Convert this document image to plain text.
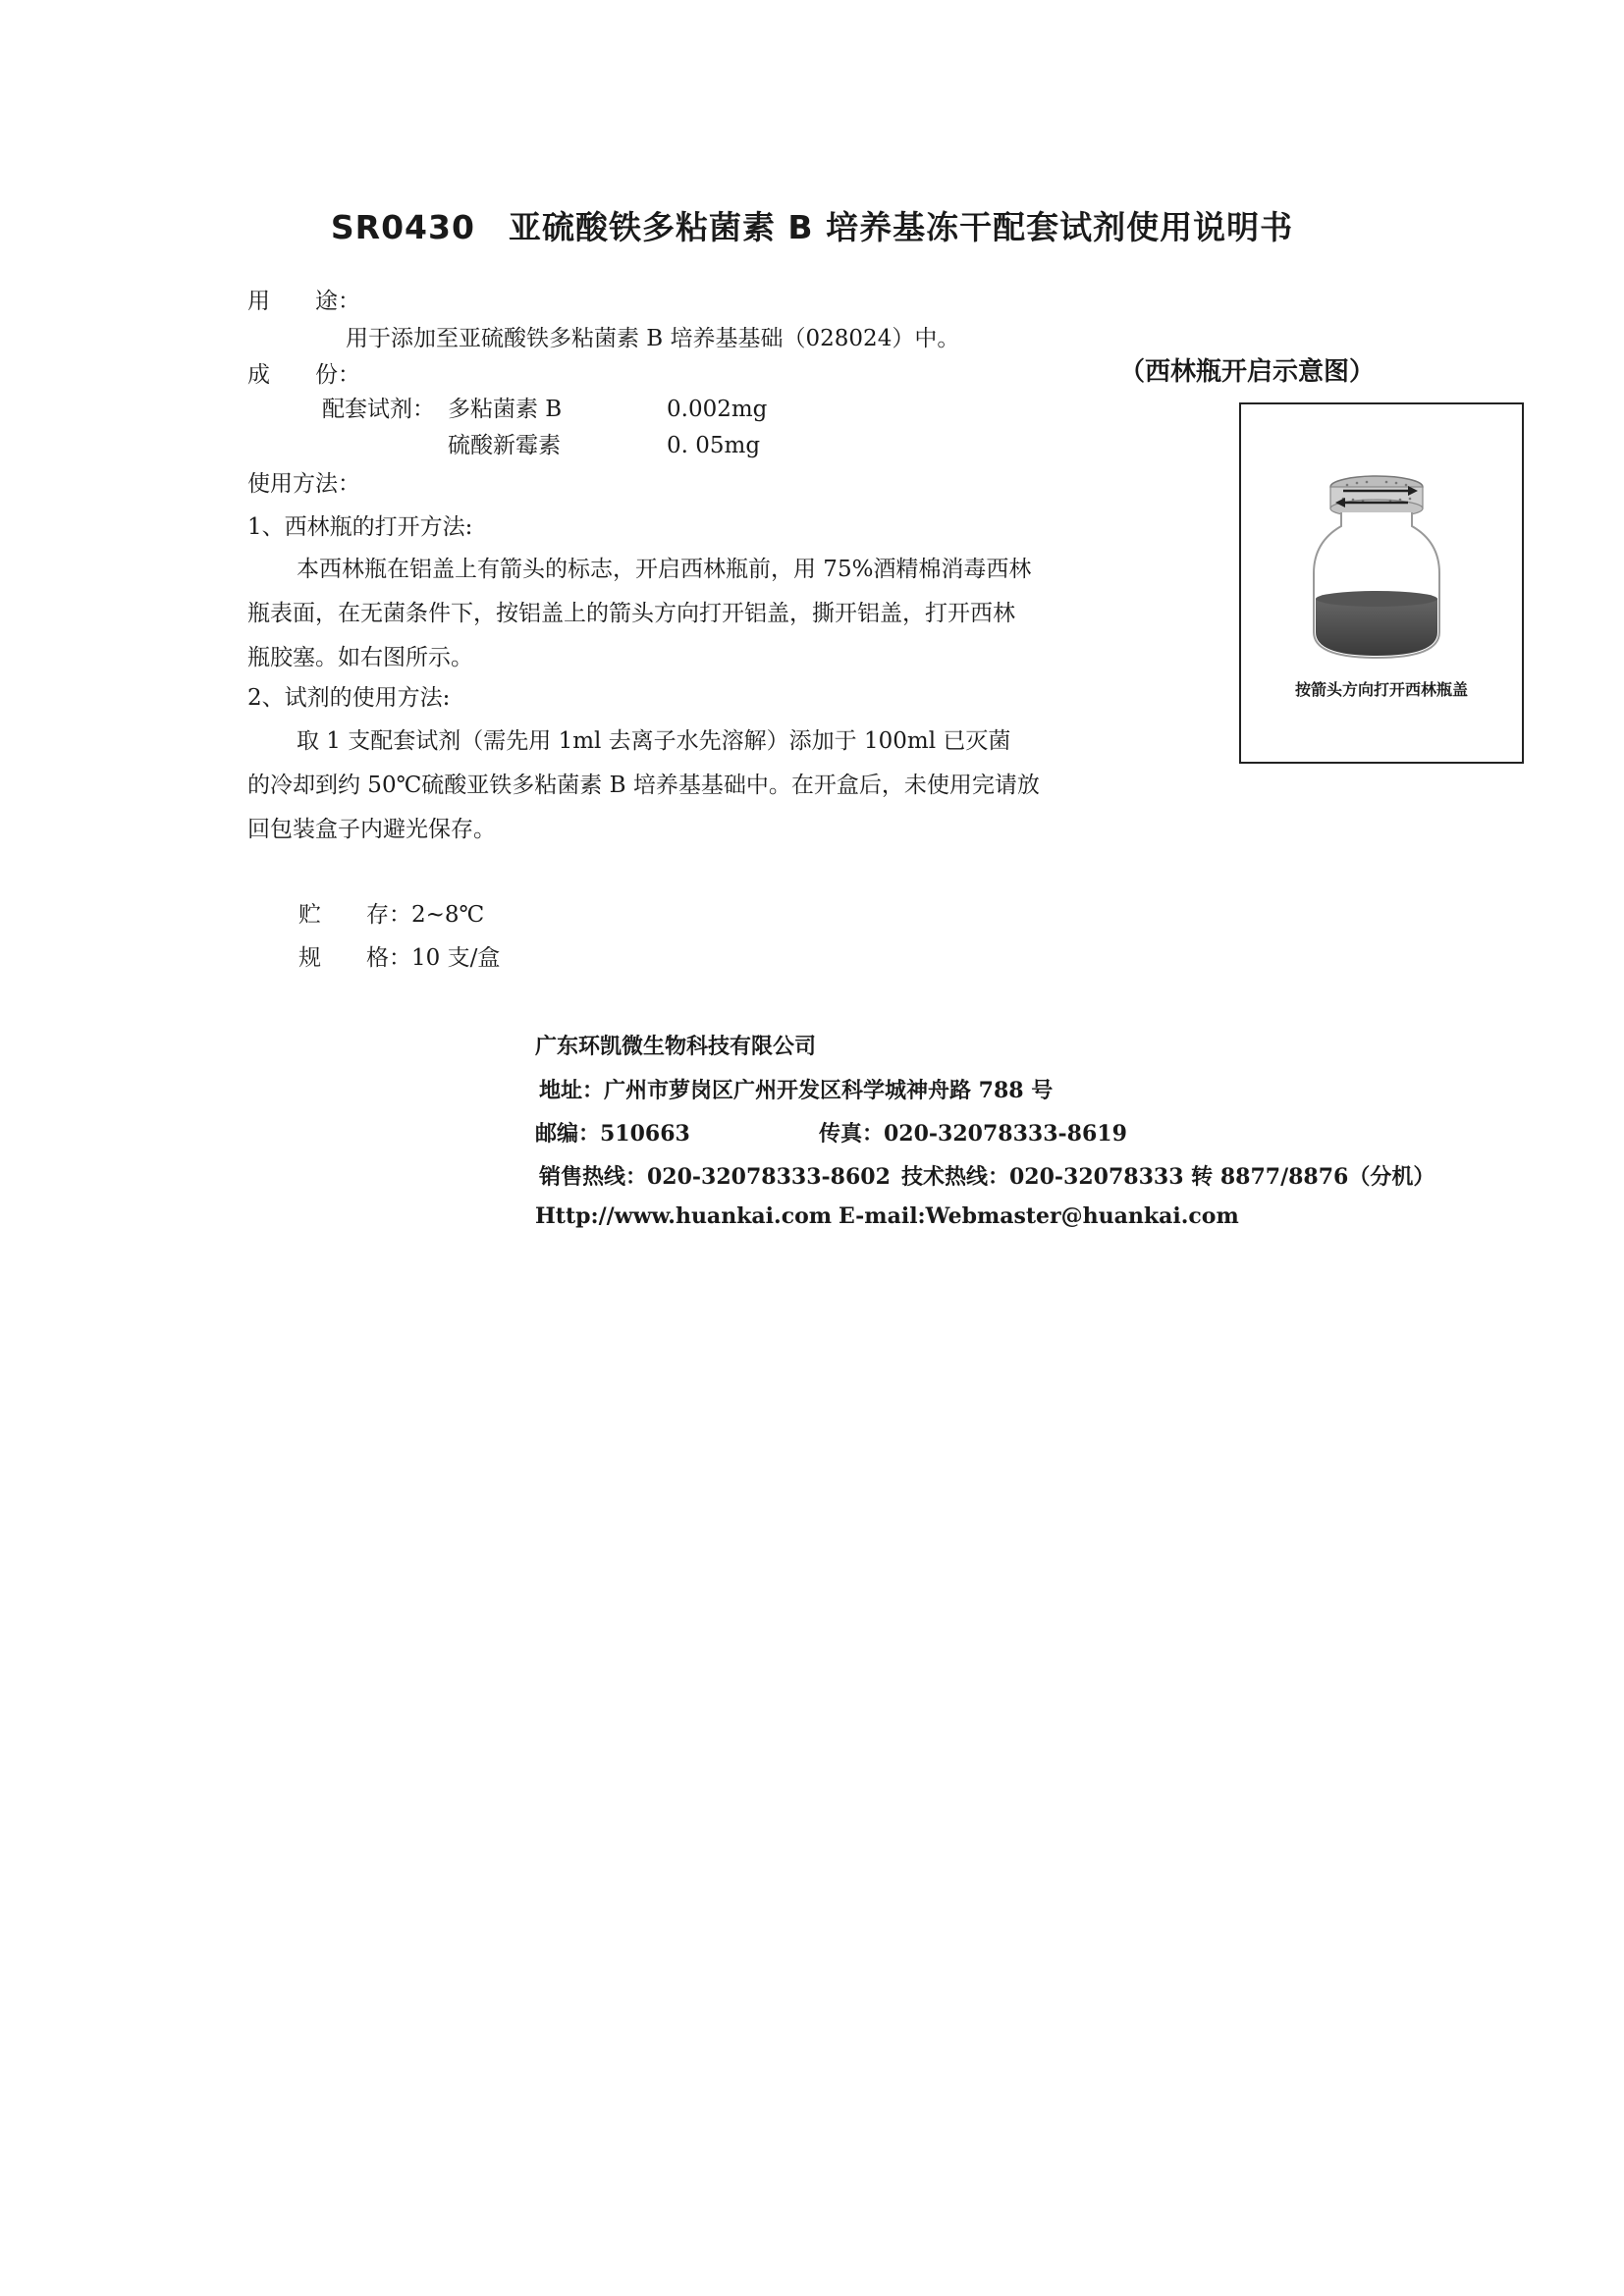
SR0430 亚硫酸铁多粘菌素 B 培养基冻干配套试剂使用说明书
用　　途：
用于添加至亚硫酸铁多粘菌素 B 培养基基础（028024）中。
成　　份：
配套试剂： 多粘菌素 B	0.002mg
硫酸新霉素	0. 05mg
（西林瓶开启示意图）
按箭头方向打开西林瓶盖
使用方法：
1、西林瓶的打开方法:
本西林瓶在铝盖上有箭头的标志，开启西林瓶前，用 75%酒精棉消毒西林
瓶表面，在无菌条件下，按铝盖上的箭头方向打开铝盖，撕开铝盖，打开西林
瓶胶塞。如右图所示。
2、试剂的使用方法:
取 1 支配套试剂（需先用 1ml 去离子水先溶解）添加于 100ml 已灭菌
的冷却到约 50℃硫酸亚铁多粘菌素 B 培养基基础中。在开盒后，未使用完请放
回包装盒子内避光保存。
贮　　存：2~8℃
规　　格：10 支/盒
广东环凯微生物科技有限公司
地址：广州市萝岗区广州开发区科学城神舟路 788 号
邮编：510663	传真：020-32078333-8619
销售热线：020-32078333-8602 技术热线：020-32078333 转 8877/8876（分机）
Http://www.huankai.com E-mail:Webmaster@huankai.com
